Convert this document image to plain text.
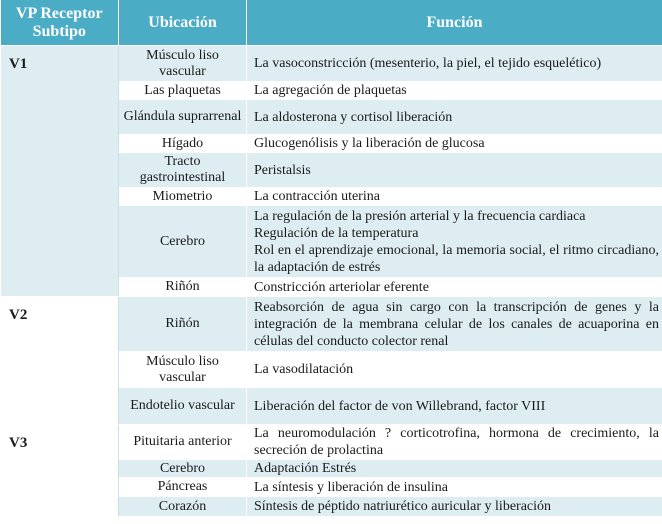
VP Receptor Subtipo	Ubicación	Función
V1	Músculo liso vascular	La vasoconstricción (mesenterio, la piel, el tejido esquelético)

	Las plaquetas	La agregación de plaquetas

	Glándula suprarrenal	La aldosterona y cortisol liberación

	Hígado	Glucogenólisis y la liberación de glucosa

	Tracto gastrointestinal	Peristalsis

	Miometrio	La contracción uterina

	Cerebro	La regulación de la presión arterial y la frecuencia cardiaca
Regulación de la temperatura
Rol en el aprendizaje emocional, la memoria social, el ritmo circadiano, la adaptación de estrés

	Riñón	Constricción arteriolar eferente

V2	Riñón	Reabsorción de agua sin cargo con la transcripción de genes y la integración de la membrana celular de los canales de acuaporina en células del conducto colector renal

	Músculo liso vascular	La vasodilatación

	Endotelio vascular	Liberación del factor de von Willebrand, factor VIII

V3	Pituitaria anterior	La neuromodulación ? corticotrofina, hormona de crecimiento, la secreción de prolactina

	Cerebro	Adaptación Estrés

	Páncreas	La síntesis y liberación de insulina

	Corazón	Síntesis de péptido natriurético auricular y liberación
